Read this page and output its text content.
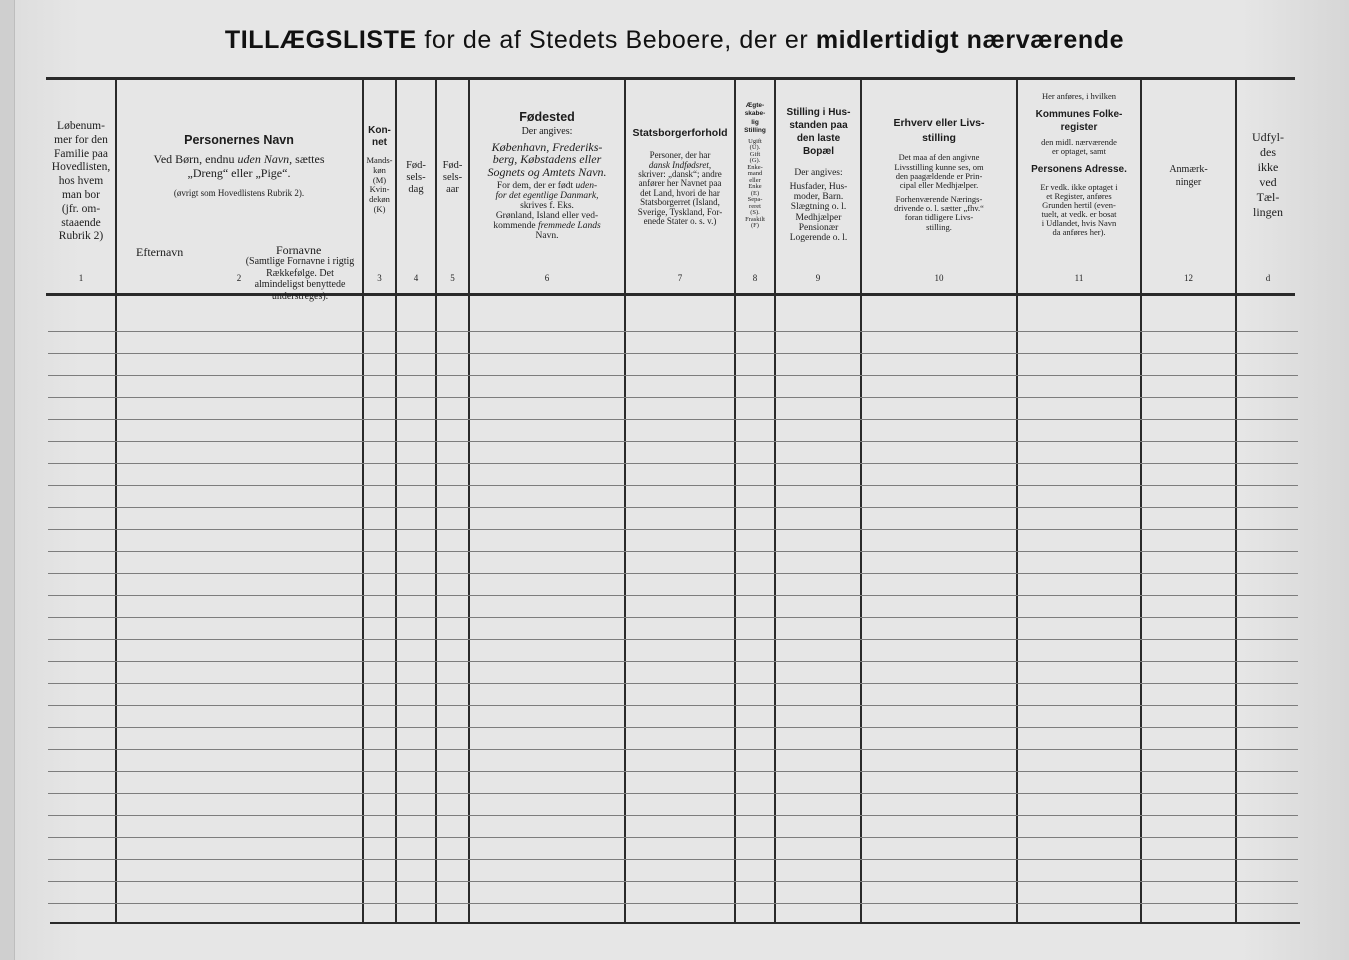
TILLÆGSLISTE for de af Stedets Beboere, der er midlertidigt nærværende
Løbenum-
mer for den
Familie paa
Hovedlisten,
hos hvem
man bor
(jfr. om-
staaende
Rubrik 2)
1
Personernes Navn
Ved Børn, endnu uden Navn, sættes
„Dreng“ eller „Pige“.
(øvrigt som Hovedlistens Rubrik 2).
Efternavn	Fornavne
(Samtlige Fornavne i rigtig Rækkefølge. Det almindeligst benyttede understreges).
2
Kon-
net
Mands-
køn
(M)
Kvin-
dekøn
(K)
3
Fød-
sels-
dag
4
Fød-
sels-
aar
5
Fødested
Der angives:
København, Frederiks-
berg, Købstadens eller
Sognets og Amtets Navn.
For dem, der er født uden-
for det egentlige Danmark,
skrives f. Eks.
Grønland, Island eller ved-
kommende fremmede Lands
Navn.
6
Statsborgerforhold
Personer, der har
dansk Indfødsret,
skriver: „dansk“; andre
anfører her Navnet paa
det Land, hvori de har
Statsborgerret (Island,
Sverige, Tyskland, For-
enede Stater o. s. v.)
7
Ægte-
skabe-
lig
Stilling
Ugift
(U).
Gift
(G).
Enke-
mand
eller
Enke
(E)
Sepa-
reret
(S).
Fraskilt
(F)
8
Stilling i Hus-
standen paa
den laste
Bopæl
Der angives:
Husfader, Hus-
moder, Barn.
Slægtning o. l.
Medhjælper
Pensionær
Logerende o. l.
9
Erhverv eller Livs-
stilling
Det maa af den angivne
Livsstilling kunne ses, om
den paagældende er Prin-
cipal eller Medhjælper.
Forhenværende Nærings-
drivende o. l. sætter „fhv.“
foran tidligere Livs-
stilling.
10
Her anføres, i hvilken
Kommunes Folke-
register
den midl. nærværende
er optaget, samt
Personens Adresse.
Er vedk. ikke optaget i
et Register, anføres
Grunden hertil (even-
tuelt, at vedk. er bosat
i Udlandet, hvis Navn
da anføres her).
11
Anmærk-
ninger
12
Udfyl-
des
ikke
ved
Tæl-
lingen
d
